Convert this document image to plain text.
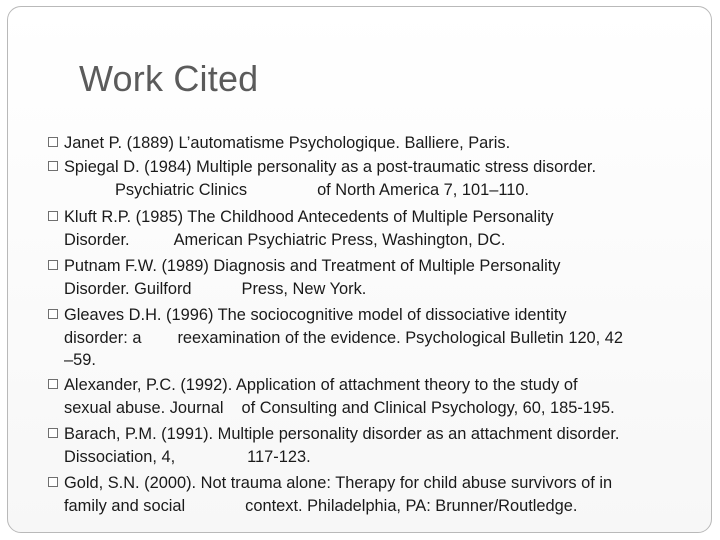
Work Cited
Janet P. (1889) L’automatisme Psychologique. Balliere, Paris.
Spiegal D. (1984) Multiple personality as a post-traumatic stress disorder.
Psychiatric Clinics	of North America 7, 101–110.
Kluft R.P. (1985) The Childhood Antecedents of Multiple Personality
Disorder.	American Psychiatric Press, Washington, DC.
Putnam F.W. (1989) Diagnosis and Treatment of Multiple Personality
Disorder. Guilford	Press, New York.
Gleaves D.H. (1996) The sociocognitive model of dissociative identity
disorder: a reexamination of the evidence. Psychological Bulletin 120, 42
–59.
Alexander, P.C. (1992). Application of attachment theory to the study of
sexual abuse. Journal of Consulting and Clinical Psychology, 60, 185-195.
Barach, P.M. (1991). Multiple personality disorder as an attachment disorder.
Dissociation, 4,	117-123.
Gold, S.N. (2000). Not trauma alone: Therapy for child abuse survivors of in
family and social	context. Philadelphia, PA: Brunner/Routledge.
